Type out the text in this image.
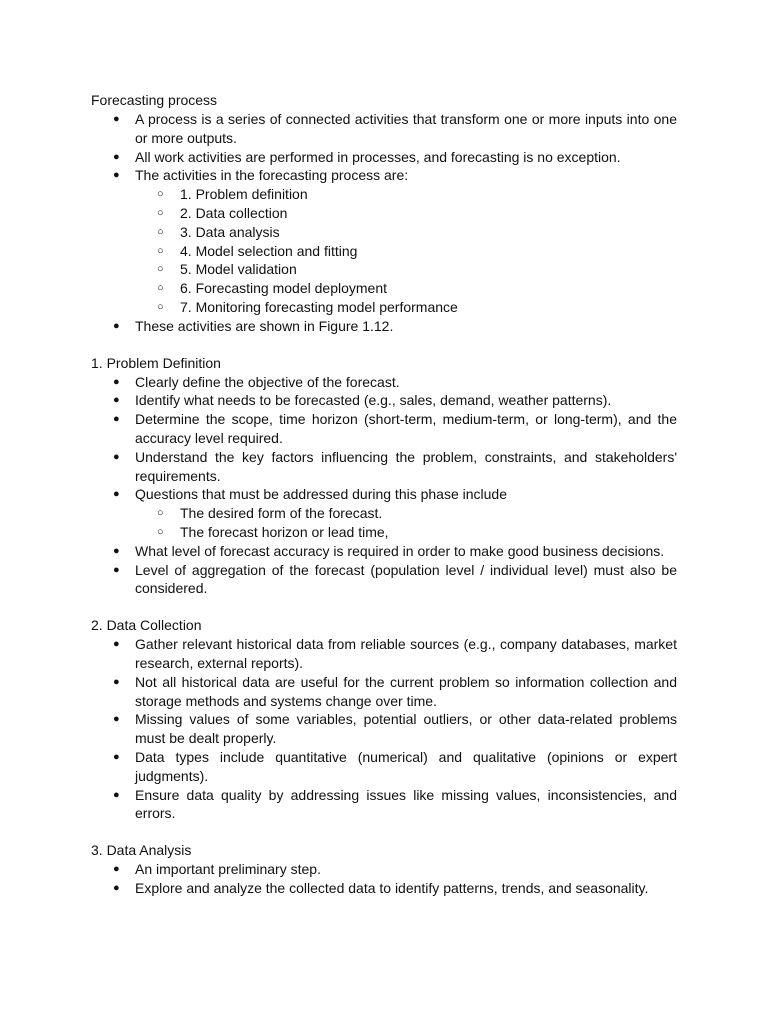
Forecasting process

● A process is a series of connected activities that transform one or more inputs into one or more outputs.
● All work activities are performed in processes, and forecasting is no exception.
● The activities in the forecasting process are:
○ 1. Problem definition
○ 2. Data collection
○ 3. Data analysis
○ 4. Model selection and fitting
○ 5. Model validation
○ 6. Forecasting model deployment
○ 7. Monitoring forecasting model performance
● These activities are shown in Figure 1.12.

1. Problem Definition

● Clearly define the objective of the forecast.
● Identify what needs to be forecasted (e.g., sales, demand, weather patterns).
● Determine the scope, time horizon (short-term, medium-term, or long-term), and the accuracy level required.
● Understand the key factors influencing the problem, constraints, and stakeholders' requirements.
● Questions that must be addressed during this phase include
○ The desired form of the forecast.
○ The forecast horizon or lead time,
● What level of forecast accuracy is required in order to make good business decisions.
● Level of aggregation of the forecast (population level / individual level) must also be considered.

2. Data Collection

● Gather relevant historical data from reliable sources (e.g., company databases, market research, external reports).
● Not all historical data are useful for the current problem so information collection and storage methods and systems change over time.
● Missing values of some variables, potential outliers, or other data-related problems must be dealt properly.
● Data types include quantitative (numerical) and qualitative (opinions or expert judgments).
● Ensure data quality by addressing issues like missing values, inconsistencies, and errors.

3. Data Analysis

● An important preliminary step.
● Explore and analyze the collected data to identify patterns, trends, and seasonality.
